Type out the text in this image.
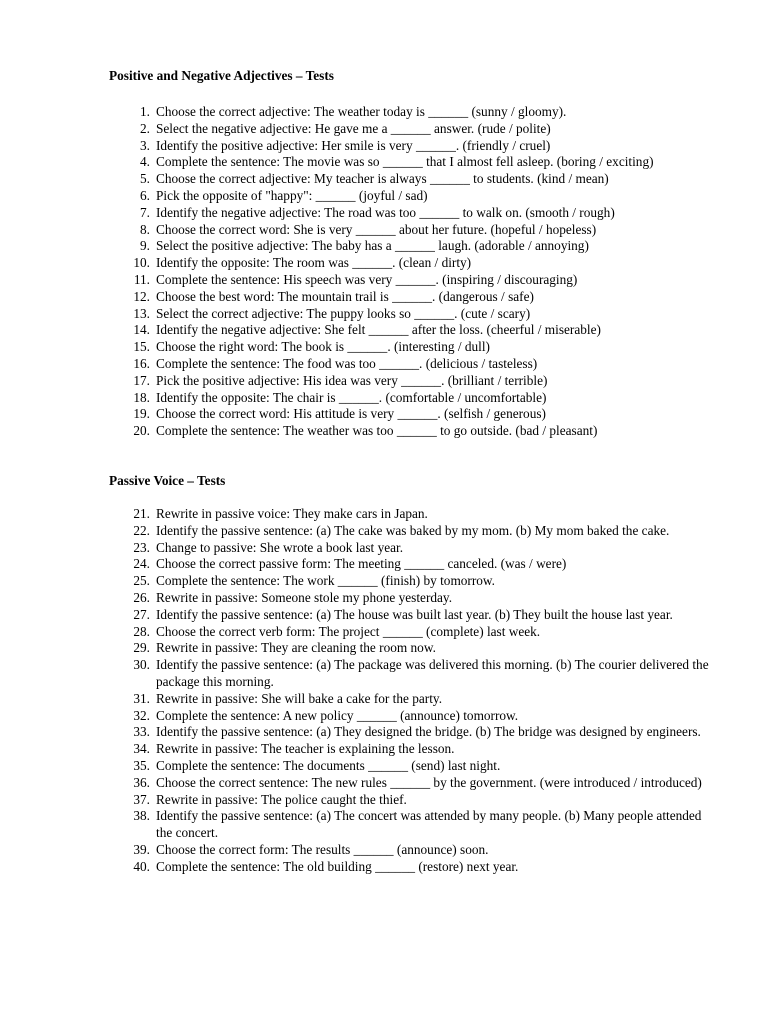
Positive and Negative Adjectives – Tests
1. Choose the correct adjective: The weather today is ______ (sunny / gloomy).
2. Select the negative adjective: He gave me a ______ answer. (rude / polite)
3. Identify the positive adjective: Her smile is very ______. (friendly / cruel)
4. Complete the sentence: The movie was so ______ that I almost fell asleep. (boring / exciting)
5. Choose the correct adjective: My teacher is always ______ to students. (kind / mean)
6. Pick the opposite of "happy": ______ (joyful / sad)
7. Identify the negative adjective: The road was too ______ to walk on. (smooth / rough)
8. Choose the correct word: She is very ______ about her future. (hopeful / hopeless)
9. Select the positive adjective: The baby has a ______ laugh. (adorable / annoying)
10. Identify the opposite: The room was ______. (clean / dirty)
11. Complete the sentence: His speech was very ______. (inspiring / discouraging)
12. Choose the best word: The mountain trail is ______. (dangerous / safe)
13. Select the correct adjective: The puppy looks so ______. (cute / scary)
14. Identify the negative adjective: She felt ______ after the loss. (cheerful / miserable)
15. Choose the right word: The book is ______. (interesting / dull)
16. Complete the sentence: The food was too ______. (delicious / tasteless)
17. Pick the positive adjective: His idea was very ______. (brilliant / terrible)
18. Identify the opposite: The chair is ______. (comfortable / uncomfortable)
19. Choose the correct word: His attitude is very ______. (selfish / generous)
20. Complete the sentence: The weather was too ______ to go outside. (bad / pleasant)
Passive Voice – Tests
21. Rewrite in passive voice: They make cars in Japan.
22. Identify the passive sentence: (a) The cake was baked by my mom. (b) My mom baked the cake.
23. Change to passive: She wrote a book last year.
24. Choose the correct passive form: The meeting ______ canceled. (was / were)
25. Complete the sentence: The work ______ (finish) by tomorrow.
26. Rewrite in passive: Someone stole my phone yesterday.
27. Identify the passive sentence: (a) The house was built last year. (b) They built the house last year.
28. Choose the correct verb form: The project ______ (complete) last week.
29. Rewrite in passive: They are cleaning the room now.
30. Identify the passive sentence: (a) The package was delivered this morning. (b) The courier delivered the package this morning.
31. Rewrite in passive: She will bake a cake for the party.
32. Complete the sentence: A new policy ______ (announce) tomorrow.
33. Identify the passive sentence: (a) They designed the bridge. (b) The bridge was designed by engineers.
34. Rewrite in passive: The teacher is explaining the lesson.
35. Complete the sentence: The documents ______ (send) last night.
36. Choose the correct sentence: The new rules ______ by the government. (were introduced / introduced)
37. Rewrite in passive: The police caught the thief.
38. Identify the passive sentence: (a) The concert was attended by many people. (b) Many people attended the concert.
39. Choose the correct form: The results ______ (announce) soon.
40. Complete the sentence: The old building ______ (restore) next year.
